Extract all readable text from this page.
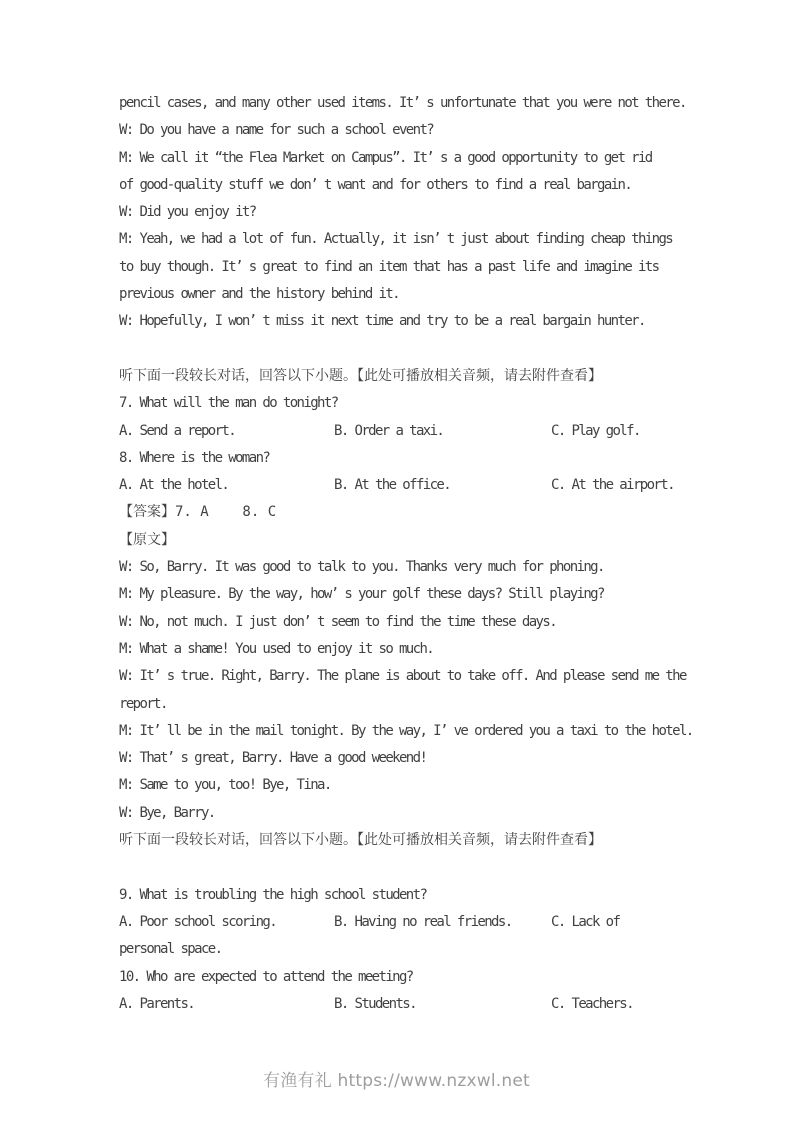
pencil cases, and many other used items. It’ s unfortunate that you were not there.
W: Do you have a name for such a school event?
M: We call it “the Flea Market on Campus”. It’ s a good opportunity to get rid
of good-quality stuff we don’ t want and for others to find a real bargain.
W: Did you enjoy it?
M: Yeah, we had a lot of fun. Actually, it isn’ t just about finding cheap things
to buy though. It’ s great to find an item that has a past life and imagine its
previous owner and the history behind it.
W: Hopefully, I won’ t miss it next time and try to be a real bargain hunter.

听下面一段较长对话，回答以下小题。【此处可播放相关音频，请去附件查看】
7. What will the man do tonight?
A. Send a report.	B. Order a taxi.	C. Play golf.
8. Where is the woman?
A. At the hotel.	B. At the office.	C. At the airport.
【答案】7. A    8. C
【原文】
W: So, Barry. It was good to talk to you. Thanks very much for phoning.
M: My pleasure. By the way, how’ s your golf these days? Still playing?
W: No, not much. I just don’ t seem to find the time these days.
M: What a shame! You used to enjoy it so much.
W: It’ s true. Right, Barry. The plane is about to take off. And please send me the
report.
M: It’ ll be in the mail tonight. By the way, I’ ve ordered you a taxi to the hotel.
W: That’ s great, Barry. Have a good weekend!
M: Same to you, too! Bye, Tina.
W: Bye, Barry.
听下面一段较长对话，回答以下小题。【此处可播放相关音频，请去附件查看】

9. What is troubling the high school student?
A. Poor school scoring.	B. Having no real friends.	C. Lack of
personal space.
10. Who are expected to attend the meeting?
A. Parents.	B. Students.	C. Teachers.
有渔有礼 https://www.nzxwl.net
